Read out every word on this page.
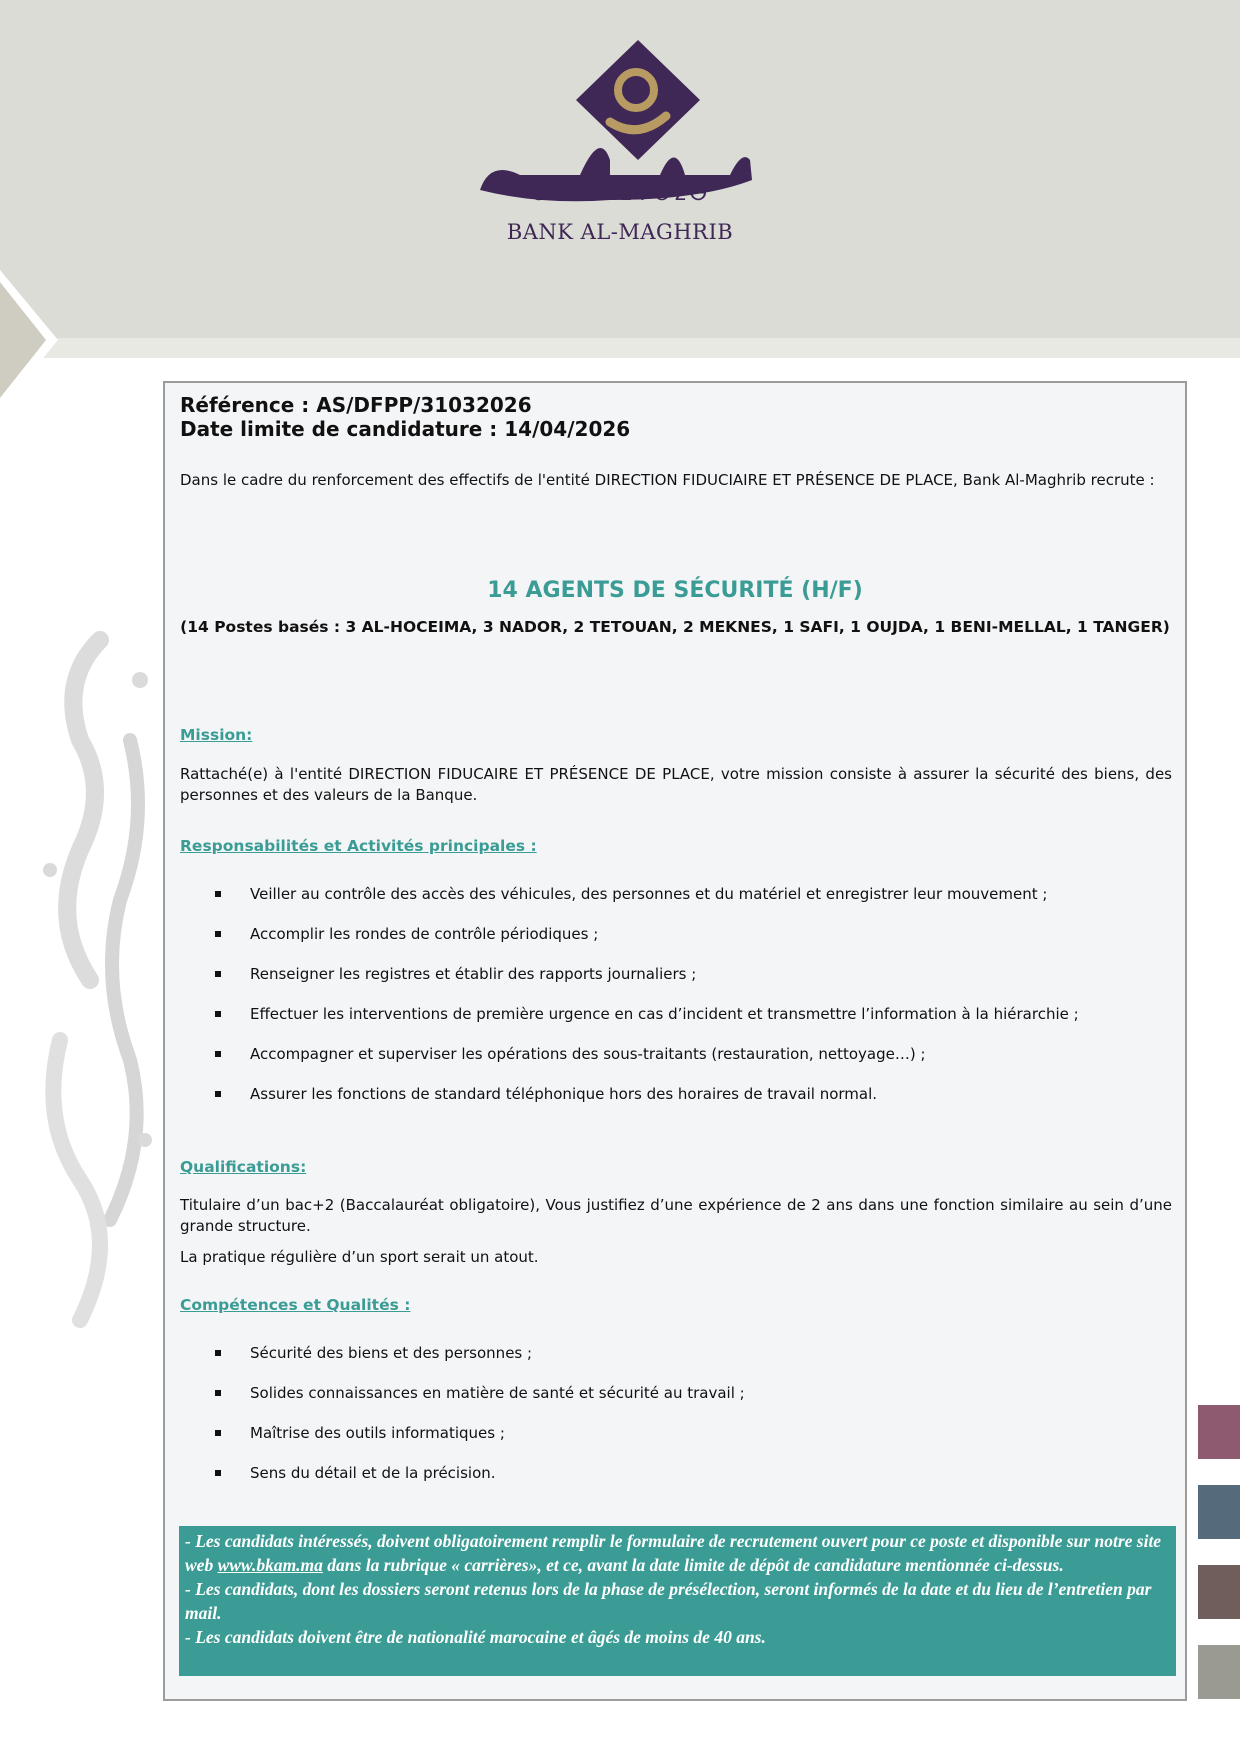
ⴱⴰⵏⴽ ⵍⵎⵖⵔⵉⴱ
BANK AL-MAGHRIB
Référence : AS/DFPP/31032026
Date limite de candidature : 14/04/2026
Dans le cadre du renforcement des effectifs de l'entité DIRECTION FIDUCIAIRE ET PRÉSENCE DE PLACE, Bank Al-Maghrib recrute :
14 AGENTS DE SÉCURITÉ (H/F)
(14 Postes basés : 3 AL-HOCEIMA, 3 NADOR, 2 TETOUAN, 2 MEKNES, 1 SAFI, 1 OUJDA, 1 BENI-MELLAL, 1 TANGER)
Mission:
Rattaché(e) à l'entité DIRECTION FIDUCAIRE ET PRÉSENCE DE PLACE, votre mission consiste à assurer la sécurité des biens, des personnes et des valeurs de la Banque.
Responsabilités et Activités principales :
Veiller au contrôle des accès des véhicules, des personnes et du matériel et enregistrer leur mouvement ;
Accomplir les rondes de contrôle périodiques ;
Renseigner les registres et établir des rapports journaliers ;
Effectuer les interventions de première urgence en cas d’incident et transmettre l’information à la hiérarchie ;
Accompagner et superviser les opérations des sous-traitants (restauration, nettoyage…) ;
Assurer les fonctions de standard téléphonique hors des horaires de travail normal.
Qualifications:
Titulaire d’un bac+2 (Baccalauréat obligatoire), Vous justifiez d’une expérience de 2 ans dans une fonction similaire au sein d’une grande structure.
La pratique régulière d’un sport serait un atout.
Compétences et Qualités :
Sécurité des biens et des personnes ;
Solides connaissances en matière de santé et sécurité au travail ;
Maîtrise des outils informatiques ;
Sens du détail et de la précision.

- Les candidats intéressés, doivent obligatoirement remplir le formulaire de recrutement ouvert pour ce poste et disponible sur notre site web www.bkam.ma dans la rubrique « carrières», et ce, avant la date limite de dépôt de candidature mentionnée ci-dessus.

- Les candidats, dont les dossiers seront retenus lors de la phase de présélection, seront informés de la date et du lieu de l’entretien par mail.

- Les candidats doivent être de nationalité marocaine et âgés de moins de 40 ans.
